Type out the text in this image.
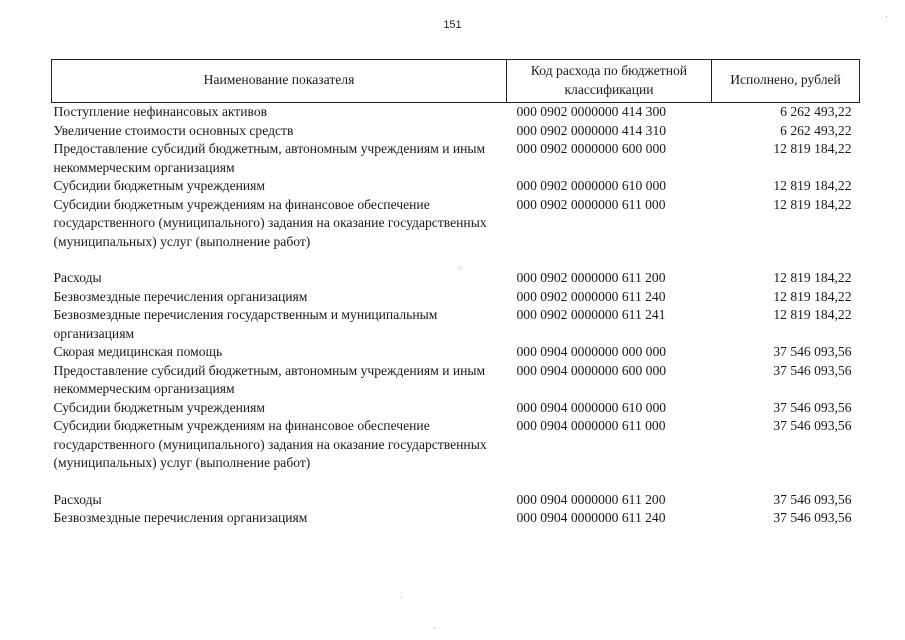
151
Наименование показателя	Код расхода по бюджетной классификации	Исполнено, рублей
Поступление нефинансовых активов	000 0902 0000000 414 300	6 262 493,22
Увеличение стоимости основных средств	000 0902 0000000 414 310	6 262 493,22
Предоставление субсидий бюджетным, автономным учреждениям и иным некоммерческим организациям	000 0902 0000000 600 000	12 819 184,22
Субсидии бюджетным учреждениям	000 0902 0000000 610 000	12 819 184,22
Субсидии бюджетным учреждениям на финансовое обеспечение государственного (муниципального) задания на оказание государственных (муниципальных) услуг (выполнение работ)	000 0902 0000000 611 000	12 819 184,22
Расходы	000 0902 0000000 611 200	12 819 184,22
Безвозмездные перечисления организациям	000 0902 0000000 611 240	12 819 184,22
Безвозмездные перечисления государственным и муниципальным организациям	000 0902 0000000 611 241	12 819 184,22
Скорая медицинская помощь	000 0904 0000000 000 000	37 546 093,56
Предоставление субсидий бюджетным, автономным учреждениям и иным некоммерческим организациям	000 0904 0000000 600 000	37 546 093,56
Субсидии бюджетным учреждениям	000 0904 0000000 610 000	37 546 093,56
Субсидии бюджетным учреждениям на финансовое обеспечение государственного (муниципального) задания на оказание государственных (муниципальных) услуг (выполнение работ)	000 0904 0000000 611 000	37 546 093,56
Расходы	000 0904 0000000 611 200	37 546 093,56
Безвозмездные перечисления организациям	000 0904 0000000 611 240	37 546 093,56
